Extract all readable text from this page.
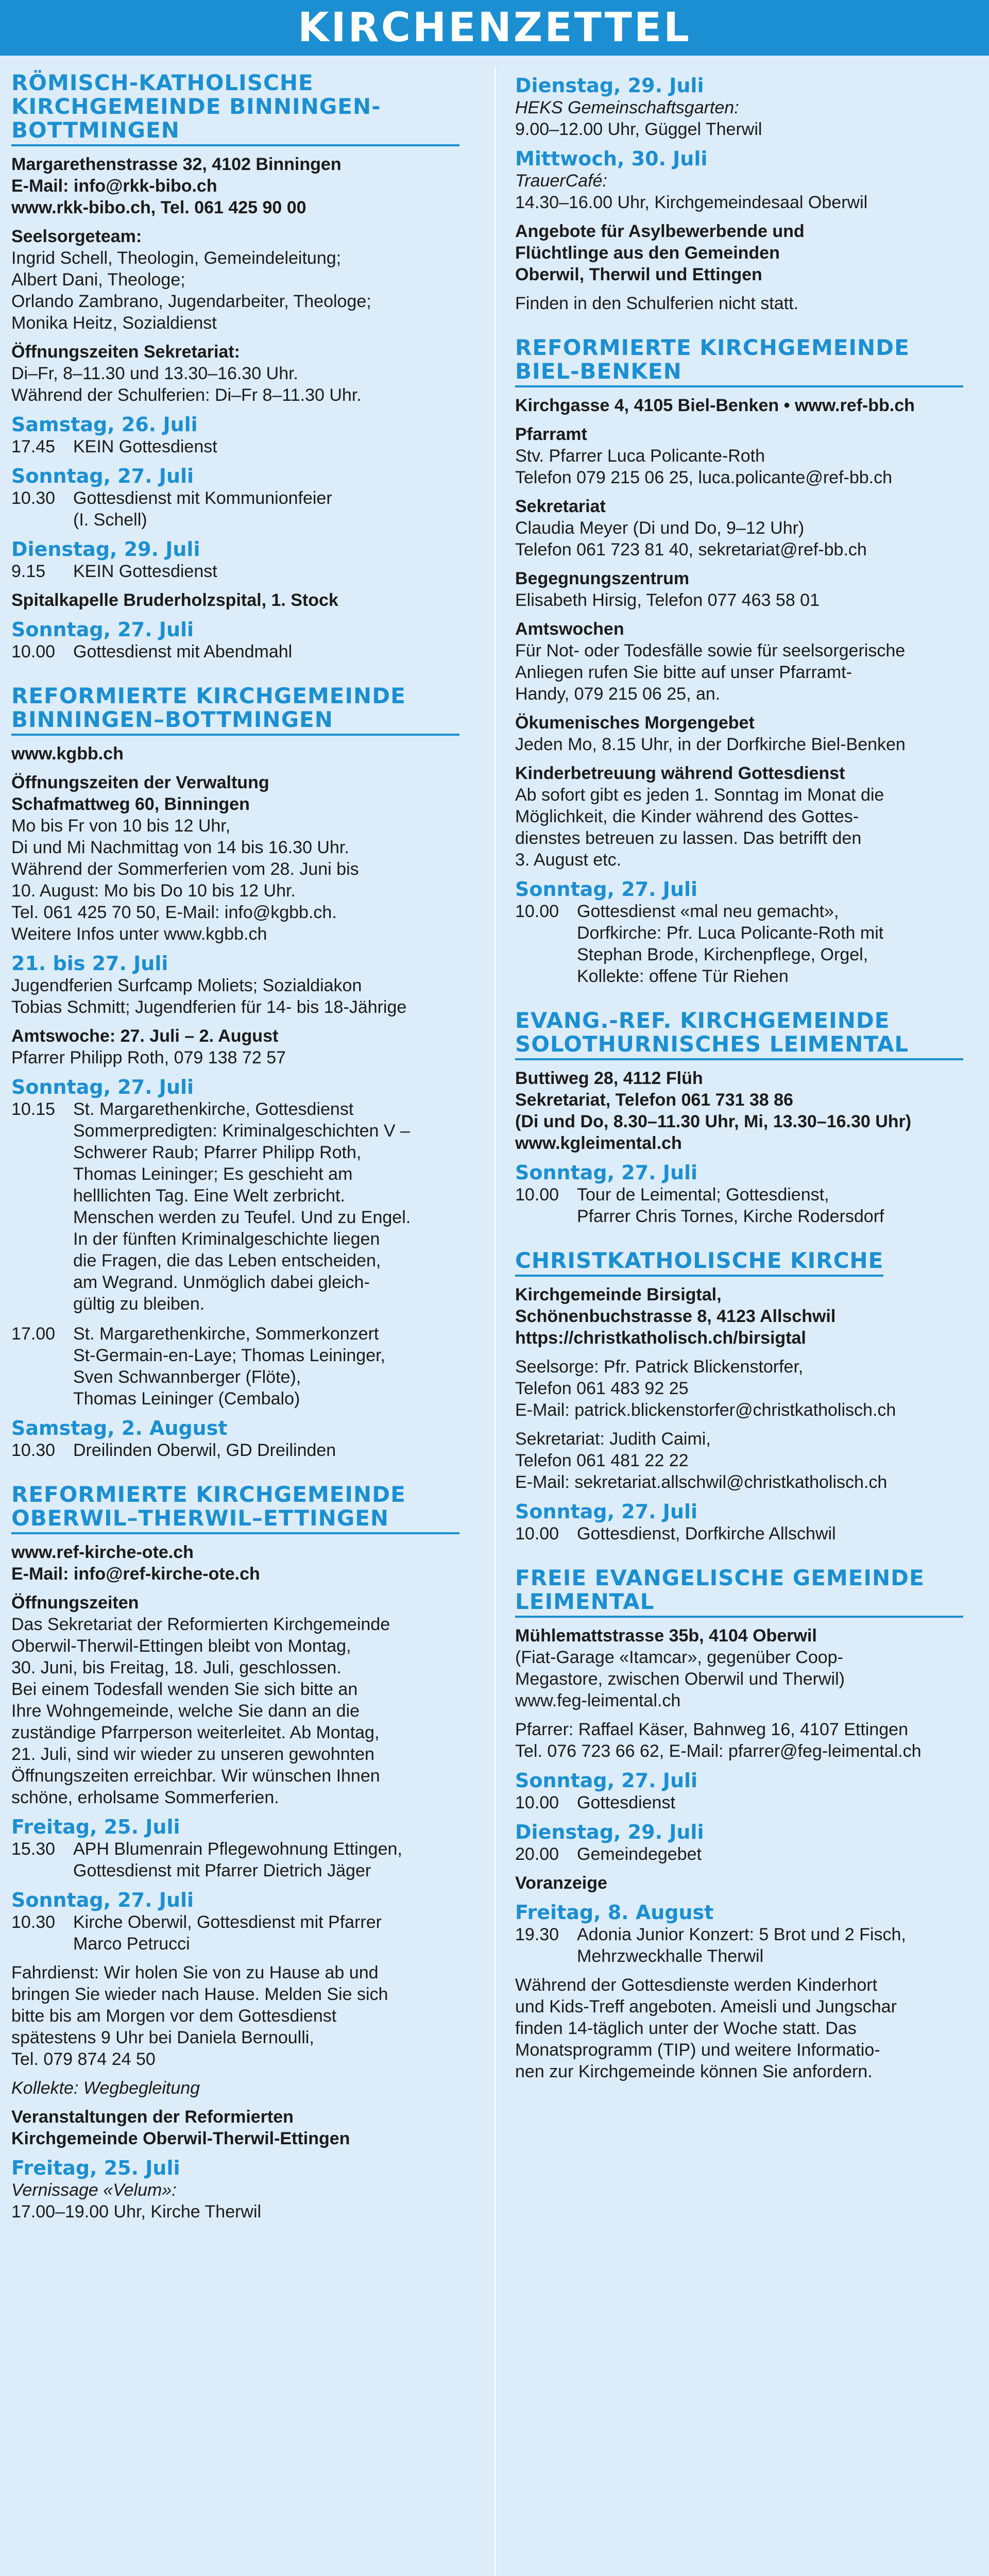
KIRCHENZETTEL
RÖMISCH-KATHOLISCHE KIRCHGEMEINDE BINNINGEN-BOTTMINGEN
Margarethenstrasse 32, 4102 Binningen
E-Mail: info@rkk-bibo.ch
www.rkk-bibo.ch, Tel. 061 425 90 00
Seelsorgeteam:
Ingrid Schell, Theologin, Gemeindeleitung;
Albert Dani, Theologe;
Orlando Zambrano, Jugendarbeiter, Theologe;
Monika Heitz, Sozialdienst
Öffnungszeiten Sekretariat:
Di–Fr, 8–11.30 und 13.30–16.30 Uhr.
Während der Schulferien: Di–Fr 8–11.30 Uhr.
Samstag, 26. Juli
17.45	KEIN Gottesdienst
Sonntag, 27. Juli
10.30	Gottesdienst mit Kommunionfeier
(I. Schell)
Dienstag, 29. Juli
9.15	KEIN Gottesdienst
Spitalkapelle Bruderholzspital, 1. Stock
Sonntag, 27. Juli
10.00	Gottesdienst mit Abendmahl
REFORMIERTE KIRCHGEMEINDE BINNINGEN–BOTTMINGEN
www.kgbb.ch
Öffnungszeiten der Verwaltung
Schafmattweg 60, Binningen
Mo bis Fr von 10 bis 12 Uhr,
Di und Mi Nachmittag von 14 bis 16.30 Uhr.
Während der Sommerferien vom 28. Juni bis
10. August: Mo bis Do 10 bis 12 Uhr.
Tel. 061 425 70 50, E-Mail: info@kgbb.ch.
Weitere Infos unter www.kgbb.ch
21. bis 27. Juli
Jugendferien Surfcamp Moliets; Sozialdiakon
Tobias Schmitt; Jugendferien für 14- bis 18-Jährige
Amtswoche: 27. Juli – 2. August
Pfarrer Philipp Roth, 079 138 72 57
Sonntag, 27. Juli
10.15	St. Margarethenkirche, Gottesdienst
Sommerpredigten: Kriminalgeschichten V –
Schwerer Raub; Pfarrer Philipp Roth,
Thomas Leininger; Es geschieht am
helllichten Tag. Eine Welt zerbricht.
Menschen werden zu Teufel. Und zu Engel.
In der fünften Kriminalgeschichte liegen
die Fragen, die das Leben entscheiden,
am Wegrand. Unmöglich dabei gleich-
gültig zu bleiben.
17.00	St. Margarethenkirche, Sommerkonzert
St-Germain-en-Laye; Thomas Leininger,
Sven Schwannberger (Flöte),
Thomas Leininger (Cembalo)
Samstag, 2. August
10.30	Dreilinden Oberwil, GD Dreilinden
REFORMIERTE KIRCHGEMEINDE OBERWIL–THERWIL–ETTINGEN
www.ref-kirche-ote.ch
E-Mail: info@ref-kirche-ote.ch
Öffnungszeiten
Das Sekretariat der Reformierten Kirchgemeinde
Oberwil-Therwil-Ettingen bleibt von Montag,
30. Juni, bis Freitag, 18. Juli, geschlossen.
Bei einem Todesfall wenden Sie sich bitte an
Ihre Wohngemeinde, welche Sie dann an die
zuständige Pfarrperson weiterleitet. Ab Montag,
21. Juli, sind wir wieder zu unseren gewohnten
Öffnungszeiten erreichbar. Wir wünschen Ihnen
schöne, erholsame Sommerferien.
Freitag, 25. Juli
15.30	APH Blumenrain Pflegewohnung Ettingen,
Gottesdienst mit Pfarrer Dietrich Jäger
Sonntag, 27. Juli
10.30	Kirche Oberwil, Gottesdienst mit Pfarrer
Marco Petrucci
Fahrdienst: Wir holen Sie von zu Hause ab und
bringen Sie wieder nach Hause. Melden Sie sich
bitte bis am Morgen vor dem Gottesdienst
spätestens 9 Uhr bei Daniela Bernoulli,
Tel. 079 874 24 50
Kollekte: Wegbegleitung
Veranstaltungen der Reformierten
Kirchgemeinde Oberwil-Therwil-Ettingen
Freitag, 25. Juli
Vernissage «Velum»:
17.00–19.00 Uhr, Kirche Therwil
Dienstag, 29. Juli
HEKS Gemeinschaftsgarten:
9.00–12.00 Uhr, Güggel Therwil
Mittwoch, 30. Juli
TrauerCafé:
14.30–16.00 Uhr, Kirchgemeindesaal Oberwil
Angebote für Asylbewerbende und
Flüchtlinge aus den Gemeinden
Oberwil, Therwil und Ettingen
Finden in den Schulferien nicht statt.
REFORMIERTE KIRCHGEMEINDE BIEL-BENKEN
Kirchgasse 4, 4105 Biel-Benken • www.ref-bb.ch
Pfarramt
Stv. Pfarrer Luca Policante-Roth
Telefon 079 215 06 25, luca.policante@ref-bb.ch
Sekretariat
Claudia Meyer (Di und Do, 9–12 Uhr)
Telefon 061 723 81 40, sekretariat@ref-bb.ch
Begegnungszentrum
Elisabeth Hirsig, Telefon 077 463 58 01
Amtswochen
Für Not- oder Todesfälle sowie für seelsorgerische
Anliegen rufen Sie bitte auf unser Pfarramt-
Handy, 079 215 06 25, an.
Ökumenisches Morgengebet
Jeden Mo, 8.15 Uhr, in der Dorfkirche Biel-Benken
Kinderbetreuung während Gottesdienst
Ab sofort gibt es jeden 1. Sonntag im Monat die
Möglichkeit, die Kinder während des Gottes-
dienstes betreuen zu lassen. Das betrifft den
3. August etc.
Sonntag, 27. Juli
10.00	Gottesdienst «mal neu gemacht»,
Dorfkirche: Pfr. Luca Policante-Roth mit
Stephan Brode, Kirchenpflege, Orgel,
Kollekte: offene Tür Riehen
EVANG.-REF. KIRCHGEMEINDE SOLOTHURNISCHES LEIMENTAL
Buttiweg 28, 4112 Flüh
Sekretariat, Telefon 061 731 38 86
(Di und Do, 8.30–11.30 Uhr, Mi, 13.30–16.30 Uhr)
www.kgleimental.ch
Sonntag, 27. Juli
10.00	Tour de Leimental; Gottesdienst,
Pfarrer Chris Tornes, Kirche Rodersdorf
CHRISTKATHOLISCHE KIRCHE
Kirchgemeinde Birsigtal,
Schönenbuchstrasse 8, 4123 Allschwil
https://christkatholisch.ch/birsigtal
Seelsorge: Pfr. Patrick Blickenstorfer,
Telefon 061 483 92 25
E-Mail: patrick.blickenstorfer@christkatholisch.ch
Sekretariat: Judith Caimi,
Telefon 061 481 22 22
E-Mail: sekretariat.allschwil@christkatholisch.ch
Sonntag, 27. Juli
10.00	Gottesdienst, Dorfkirche Allschwil
FREIE EVANGELISCHE GEMEINDE LEIMENTAL
Mühlemattstrasse 35b, 4104 Oberwil
(Fiat-Garage «Itamcar», gegenüber Coop-
Megastore, zwischen Oberwil und Therwil)
www.feg-leimental.ch
Pfarrer: Raffael Käser, Bahnweg 16, 4107 Ettingen
Tel. 076 723 66 62, E-Mail: pfarrer@feg-leimental.ch
Sonntag, 27. Juli
10.00	Gottesdienst
Dienstag, 29. Juli
20.00	Gemeindegebet
Voranzeige
Freitag, 8. August
19.30	Adonia Junior Konzert: 5 Brot und 2 Fisch,
Mehrzweckhalle Therwil
Während der Gottesdienste werden Kinderhort
und Kids-Treff angeboten. Ameisli und Jungschar
finden 14-täglich unter der Woche statt. Das
Monatsprogramm (TIP) und weitere Informatio-
nen zur Kirchgemeinde können Sie anfordern.
